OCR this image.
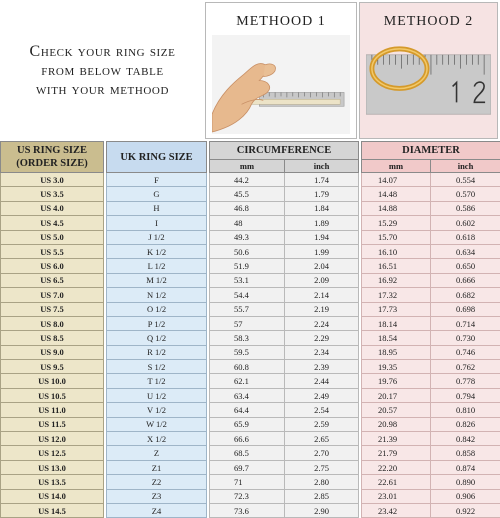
Check your ring size
from below table
with your methood
METHOOD 1	METHOOD 2
US RING SIZE
(ORDER SIZE)		UK RING SIZE		CIRCUMFERENCE			DIAMETER	
				mm	inch		mm	inch
US 3.0		F		44.2	1.74		14.07	0.554
US 3.5		G		45.5	1.79		14.48	0.570
US 4.0		H		46.8	1.84		14.88	0.586
US 4.5		I		48	1.89		15.29	0.602
US 5.0		J 1/2		49.3	1.94		15.70	0.618
US 5.5		K 1/2		50.6	1.99		16.10	0.634
US 6.0		L 1/2		51.9	2.04		16.51	0.650
US 6.5		M 1/2		53.1	2.09		16.92	0.666
US 7.0		N 1/2		54.4	2.14		17.32	0.682
US 7.5		O 1/2		55.7	2.19		17.73	0.698
US 8.0		P 1/2		57	2.24		18.14	0.714
US 8.5		Q 1/2		58.3	2.29		18.54	0.730
US 9.0		R 1/2		59.5	2.34		18.95	0.746
US 9.5		S 1/2		60.8	2.39		19.35	0.762
US 10.0		T 1/2		62.1	2.44		19.76	0.778
US 10.5		U 1/2		63.4	2.49		20.17	0.794
US 11.0		V 1/2		64.4	2.54		20.57	0.810
US 11.5		W 1/2		65.9	2.59		20.98	0.826
US 12.0		X 1/2		66.6	2.65		21.39	0.842
US 12.5		Z		68.5	2.70		21.79	0.858
US 13.0		Z1		69.7	2.75		22.20	0.874
US 13.5		Z2		71	2.80		22.61	0.890
US 14.0		Z3		72.3	2.85		23.01	0.906
US 14.5		Z4		73.6	2.90		23.42	0.922
